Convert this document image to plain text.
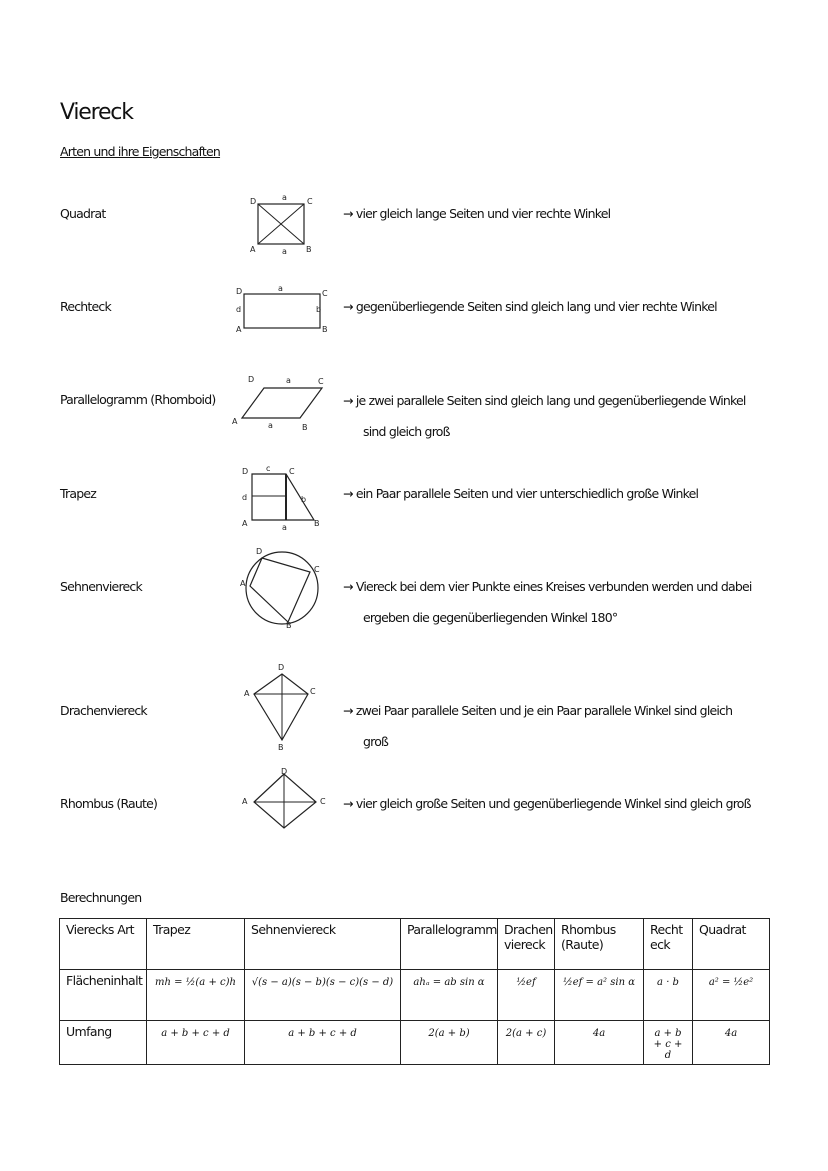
Viereck
Arten und ihre Eigenschaften
Quadrat
D	a	C
A	a B
→ vier gleich lange Seiten und vier rechte Winkel
Rechteck
D	a
C
d	b
A	B
→ gegenüberliegende Seiten sind gleich lang und vier rechte Winkel
Parallelogramm (Rhomboid)
D	a	C
A	a	B
→ je zwei parallele Seiten sind gleich lang und gegenüberliegende Winkel
sind gleich groß
Trapez
D c C
d	b
A	a	B
→ ein Paar parallele Seiten und vier unterschiedlich große Winkel
Sehnenviereck
D
A
C
B
→ Viereck bei dem vier Punkte eines Kreises verbunden werden und dabei
ergeben die gegenüberliegenden Winkel 180°
Drachenviereck
D
A	C
B
→ zwei Paar parallele Seiten und je ein Paar parallele Winkel sind gleich
groß
Rhombus (Raute)
D
A	C → vier gleich große Seiten und gegenüberliegende Winkel sind gleich groß
Berechnungen
Vierecks Art	Trapez	Sehnenviereck	Parallelogramm	Drachen viereck	Rhombus (Raute)	Recht eck	Quadrat
Flächeninhalt	mh = ½(a + c)h	√(s − a)(s − b)(s − c)(s − d)	ahₐ = ab sin α	½ef	½ef = a² sin α	a · b	a² = ½e²

Umfang	a + b + c + d	a + b + c + d	2(a + b)	2(a + c)	4a	a + b + c + d	4a
